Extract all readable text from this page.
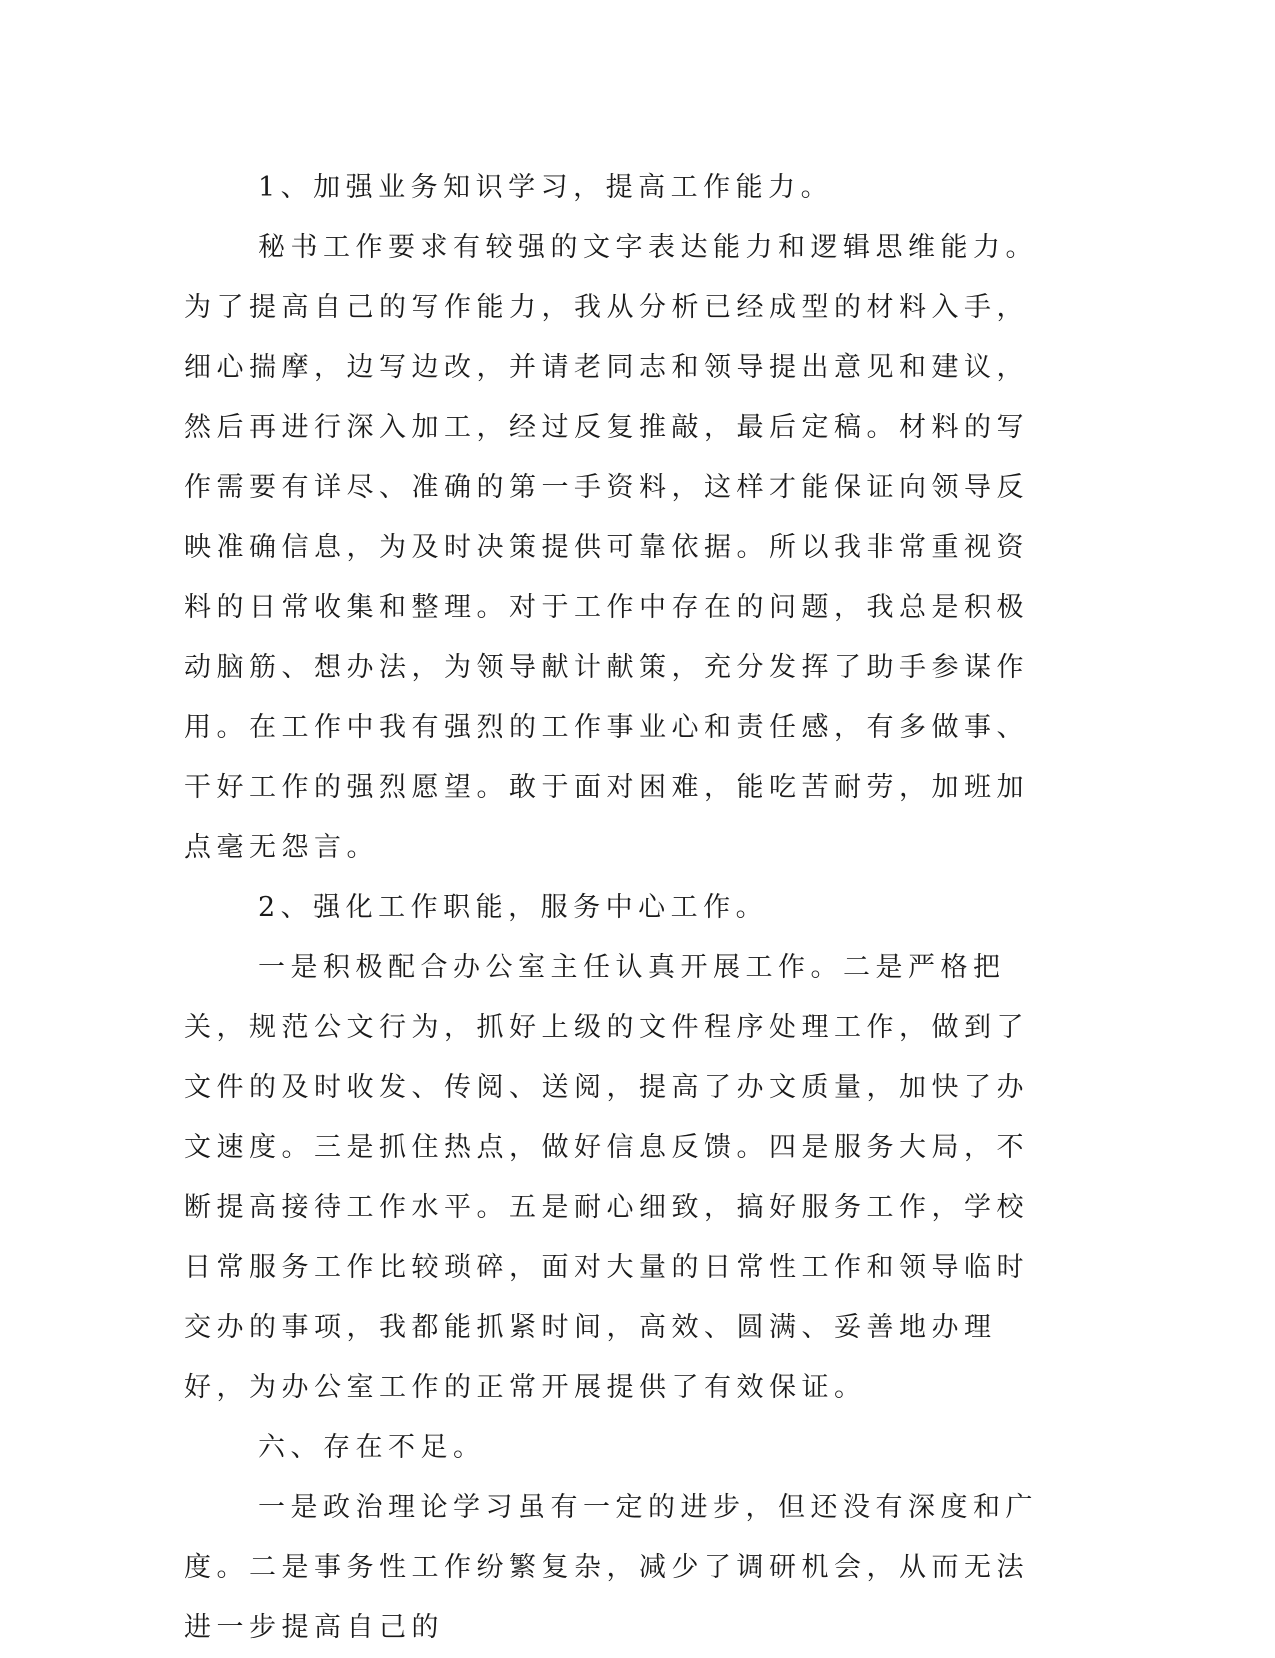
1、加强业务知识学习，提高工作能力。

秘书工作要求有较强的文字表达能力和逻辑思维能力。为了提高自己的写作能力，我从分析已经成型的材料入手，细心揣摩，边写边改，并请老同志和领导提出意见和建议，然后再进行深入加工，经过反复推敲，最后定稿。材料的写作需要有详尽、准确的第一手资料，这样才能保证向领导反映准确信息，为及时决策提供可靠依据。所以我非常重视资料的日常收集和整理。对于工作中存在的问题，我总是积极动脑筋、想办法，为领导献计献策，充分发挥了助手参谋作用。在工作中我有强烈的工作事业心和责任感，有多做事、干好工作的强烈愿望。敢于面对困难，能吃苦耐劳，加班加点毫无怨言。

2、强化工作职能，服务中心工作。

一是积极配合办公室主任认真开展工作。二是严格把关，规范公文行为，抓好上级的文件程序处理工作，做到了文件的及时收发、传阅、送阅，提高了办文质量，加快了办文速度。三是抓住热点，做好信息反馈。四是服务大局，不断提高接待工作水平。五是耐心细致，搞好服务工作，学校日常服务工作比较琐碎，面对大量的日常性工作和领导临时交办的事项，我都能抓紧时间，高效、圆满、妥善地办理好，为办公室工作的正常开展提供了有效保证。

六、存在不足。

一是政治理论学习虽有一定的进步，但还没有深度和广度。二是事务性工作纷繁复杂，减少了调研机会，从而无法进一步提高自己的
